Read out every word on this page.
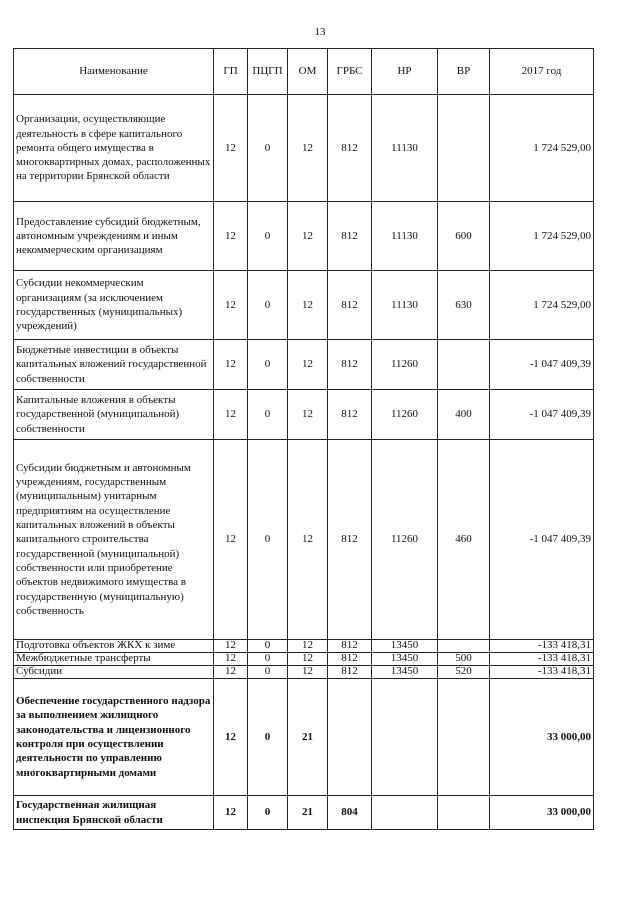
13
Наименование	ГП	ПЦГП	ОМ	ГРБС	НР	ВР	2017 год
Организации, осуществляющие деятельность в сфере капитального ремонта общего имущества в многоквартирных домах, расположенных на территории Брянской области	12	0	12	812	11130		1 724 529,00
Предоставление субсидий бюджетным, автономным учреждениям и иным некоммерческим организациям	12	0	12	812	11130	600	1 724 529,00
Субсидии некоммерческим организациям (за исключением государственных (муниципальных) учреждений)	12	0	12	812	11130	630	1 724 529,00
Бюджетные инвестиции в объекты капитальных вложений государственной собственности	12	0	12	812	11260		-1 047 409,39
Капитальные вложения в объекты государственной (муниципальной) собственности	12	0	12	812	11260	400	-1 047 409,39
Субсидии бюджетным и автономным учреждениям, государственным (муниципальным) унитарным предприятиям на осуществление капитальных вложений в объекты капитального строительства государственной (муниципальной) собственности или приобретение объектов недвижимого имущества в государственную (муниципальную) собственность	12	0	12	812	11260	460	-1 047 409,39
Подготовка объектов ЖКХ к зиме	12	0	12	812	13450		-133 418,31
Межбюджетные трансферты	12	0	12	812	13450	500	-133 418,31
Субсидии	12	0	12	812	13450	520	-133 418,31
Обеспечение государственного надзора за выполнением жилищного законодательства и лицензионного контроля при осуществлении деятельности по управлению многоквартирными домами	12	0	21				33 000,00
Государственная жилищная инспекция Брянской области	12	0	21	804			33 000,00
